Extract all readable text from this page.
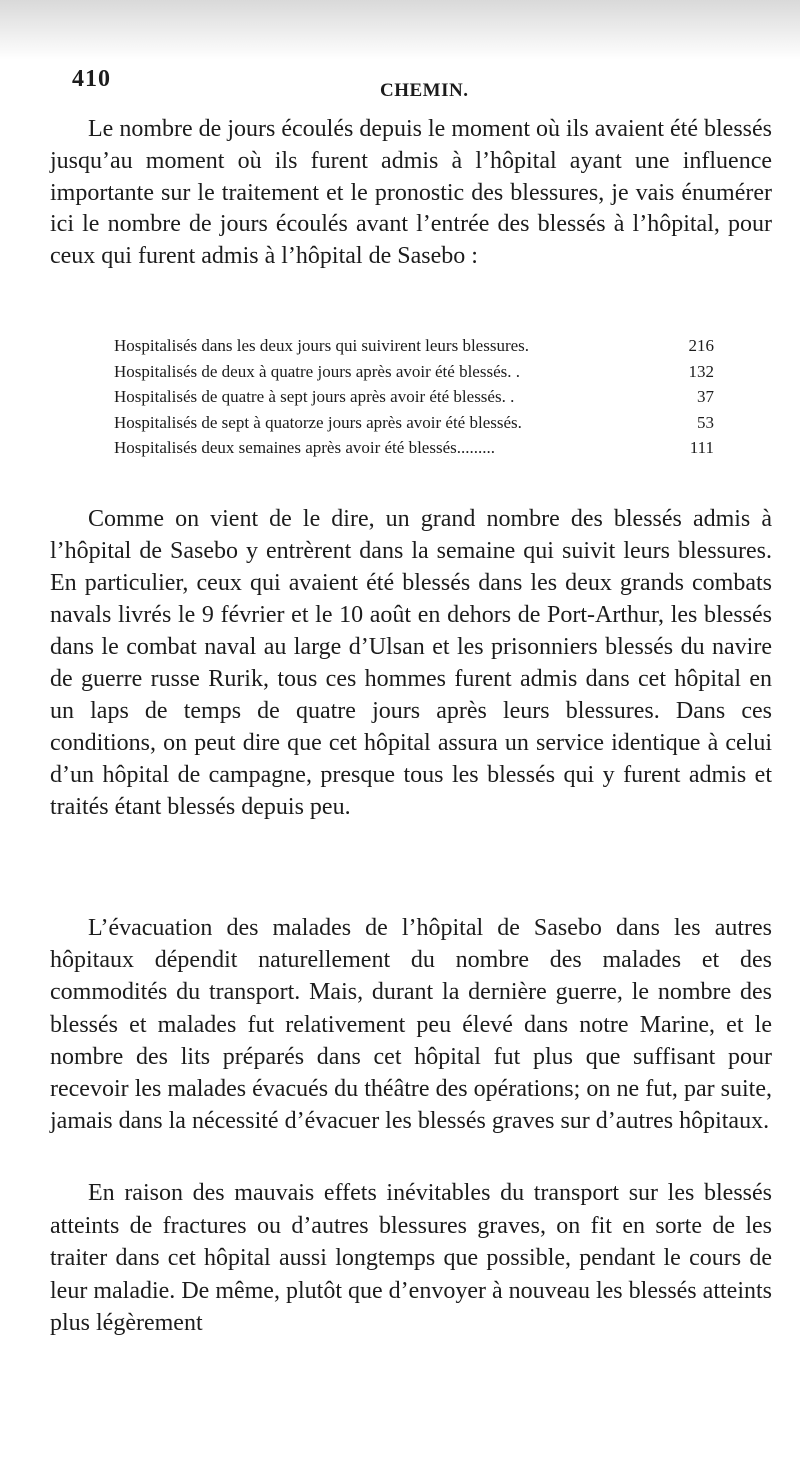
410	CHEMIN.

Le nombre de jours écoulés depuis le moment où ils avaient été blessés jusqu’au moment où ils furent admis à l’hôpital ayant une influence importante sur le traitement et le pronostic des blessures, je vais énumérer ici le nombre de jours écoulés avant l’entrée des blessés à l’hôpital, pour ceux qui furent admis à l’hôpital de Sasebo :

Hospitalisés dans les deux jours qui suivirent leurs blessures.	216
Hospitalisés de deux à quatre jours après avoir été blessés. .	132
Hospitalisés de quatre à sept jours après avoir été blessés. .	37
Hospitalisés de sept à quatorze jours après avoir été blessés.	53
Hospitalisés deux semaines après avoir été blessés.........	111

Comme on vient de le dire, un grand nombre des blessés admis à l’hôpital de Sasebo y entrèrent dans la semaine qui suivit leurs blessures. En particulier, ceux qui avaient été blessés dans les deux grands combats navals livrés le 9 février et le 10 août en dehors de Port-Arthur, les blessés dans le combat naval au large d’Ulsan et les prisonniers blessés du navire de guerre russe Rurik, tous ces hommes furent admis dans cet hôpital en un laps de temps de quatre jours après leurs blessures. Dans ces conditions, on peut dire que cet hôpital assura un service identique à celui d’un hôpital de campagne, presque tous les blessés qui y furent admis et traités étant blessés depuis peu.

L’évacuation des malades de l’hôpital de Sasebo dans les autres hôpitaux dépendit naturellement du nombre des malades et des commodités du transport. Mais, durant la dernière guerre, le nombre des blessés et malades fut relativement peu élevé dans notre Marine, et le nombre des lits préparés dans cet hôpital fut plus que suffisant pour recevoir les malades évacués du théâtre des opérations; on ne fut, par suite, jamais dans la nécessité d’évacuer les blessés graves sur d’autres hôpitaux.

En raison des mauvais effets inévitables du transport sur les blessés atteints de fractures ou d’autres blessures graves, on fit en sorte de les traiter dans cet hôpital aussi longtemps que possible, pendant le cours de leur maladie. De même, plutôt que d’envoyer à nouveau les blessés atteints plus légèrement
